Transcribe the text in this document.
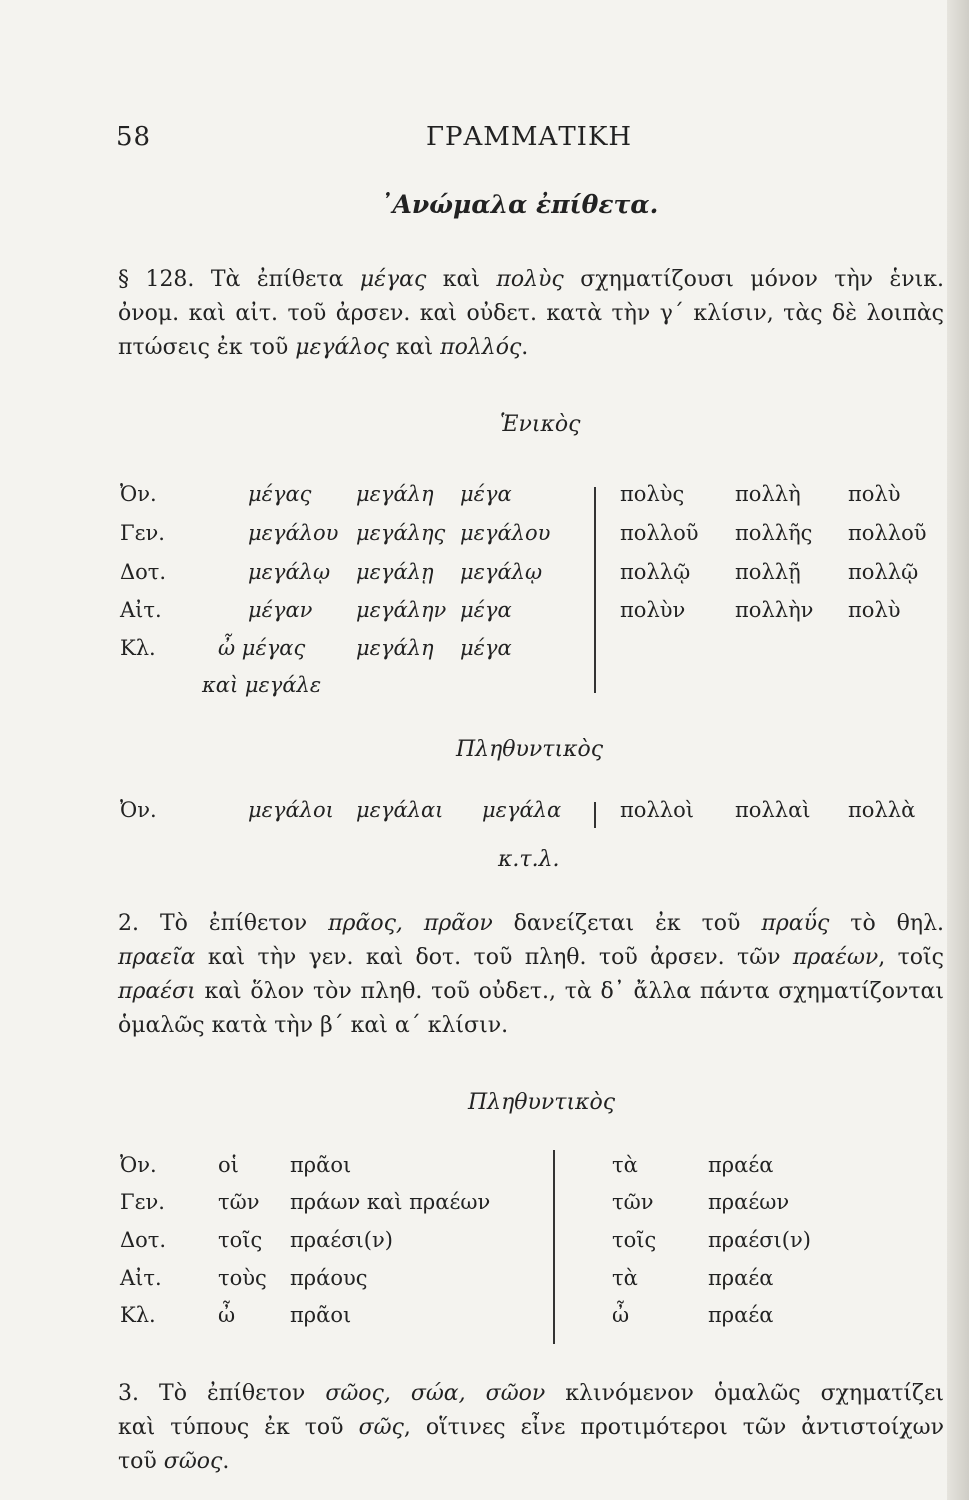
58	ΓΡΑΜΜΑΤΙΚΗ
᾿Ανώμαλα ἐπίθετα.
§ 128. Τὰ ἐπίθετα μέγας καὶ πολὺς σχηματίζουσι μόνον τὴν ἑνικ.
ὀνομ. καὶ αἰτ. τοῦ ἀρσεν. καὶ οὐδετ. κατὰ τὴν γ´ κλίσιν, τὰς δὲ λοιπὰς
πτώσεις ἐκ τοῦ μεγάλος καὶ πολλός.
Ἑνικὸς
Ὀν.	μέγας μεγάλη μέγα	πολὺς πολλὴ πολὺ
Γεν.	μεγάλου μεγάλης μεγάλου	πολλοῦ πολλῆς πολλοῦ
Δοτ.	μεγάλῳ μεγάλῃ μεγάλῳ	πολλῷ πολλῇ πολλῷ
Αἰτ.	μέγαν μεγάλην μέγα	πολὺν πολλὴν πολὺ
Κλ.	ὦ μέγας μεγάλη μέγα
καὶ μεγάλε
Πληθυντικὸς
Ὀν.	μεγάλοι μεγάλαι μεγάλα	πολλοὶ πολλαὶ πολλὰ
κ.τ.λ.
2. Τὸ ἐπίθετον πρᾶος, πρᾶον δανείζεται ἐκ τοῦ πραΰς τὸ θηλ.
πραεῖα καὶ τὴν γεν. καὶ δοτ. τοῦ πληθ. τοῦ ἀρσεν. τῶν πραέων, τοῖς
πραέσι καὶ ὅλον τὸν πληθ. τοῦ οὐδετ., τὰ δ᾿ ἄλλα πάντα σχηματίζονται
ὁμαλῶς κατὰ τὴν β´ καὶ α´ κλίσιν.
Πληθυντικὸς
Ὀν.	οἱ πρᾶοι	τὰ	πραέα
Γεν.	τῶν πράων καὶ πραέων	τῶν	πραέων
Δοτ. τοῖς πραέσι(ν)	τοῖς πραέσι(ν)
Αἰτ.	τοὺς πράους	τὰ	πραέα
Κλ.	ὦ	πρᾶοι	ὦ	πραέα
3. Τὸ ἐπίθετον σῶος, σώα, σῶον κλινόμενον ὁμαλῶς σχηματίζει
καὶ τύπους ἐκ τοῦ σῶς, οἵτινες εἶνε προτιμότεροι τῶν ἀντιστοίχων
τοῦ σῶος.
